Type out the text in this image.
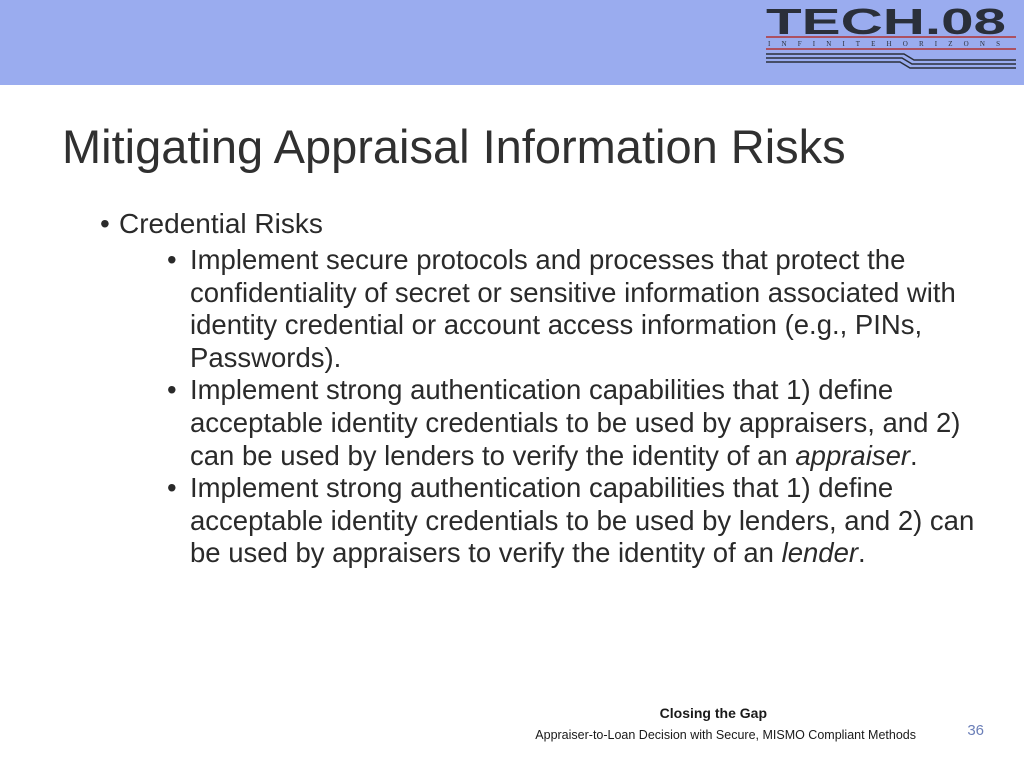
TECH.08
I N F I N I T E H O R I Z O N S
Mitigating Appraisal Information Risks
• Credential Risks

• Implement secure protocols and processes that protect the confidentiality of secret or sensitive information associated with identity credential or account access information (e.g., PINs, Passwords).

• Implement strong authentication capabilities that 1) define acceptable identity credentials to be used by appraisers, and 2) can be used by lenders to verify the identity of an appraiser.

• Implement strong authentication capabilities that 1) define acceptable identity credentials to be used by lenders, and 2) can be used by appraisers to verify the identity of an lender.

Closing the Gap
Appraiser-to-Loan Decision with Secure, MISMO Compliant Methods	36
